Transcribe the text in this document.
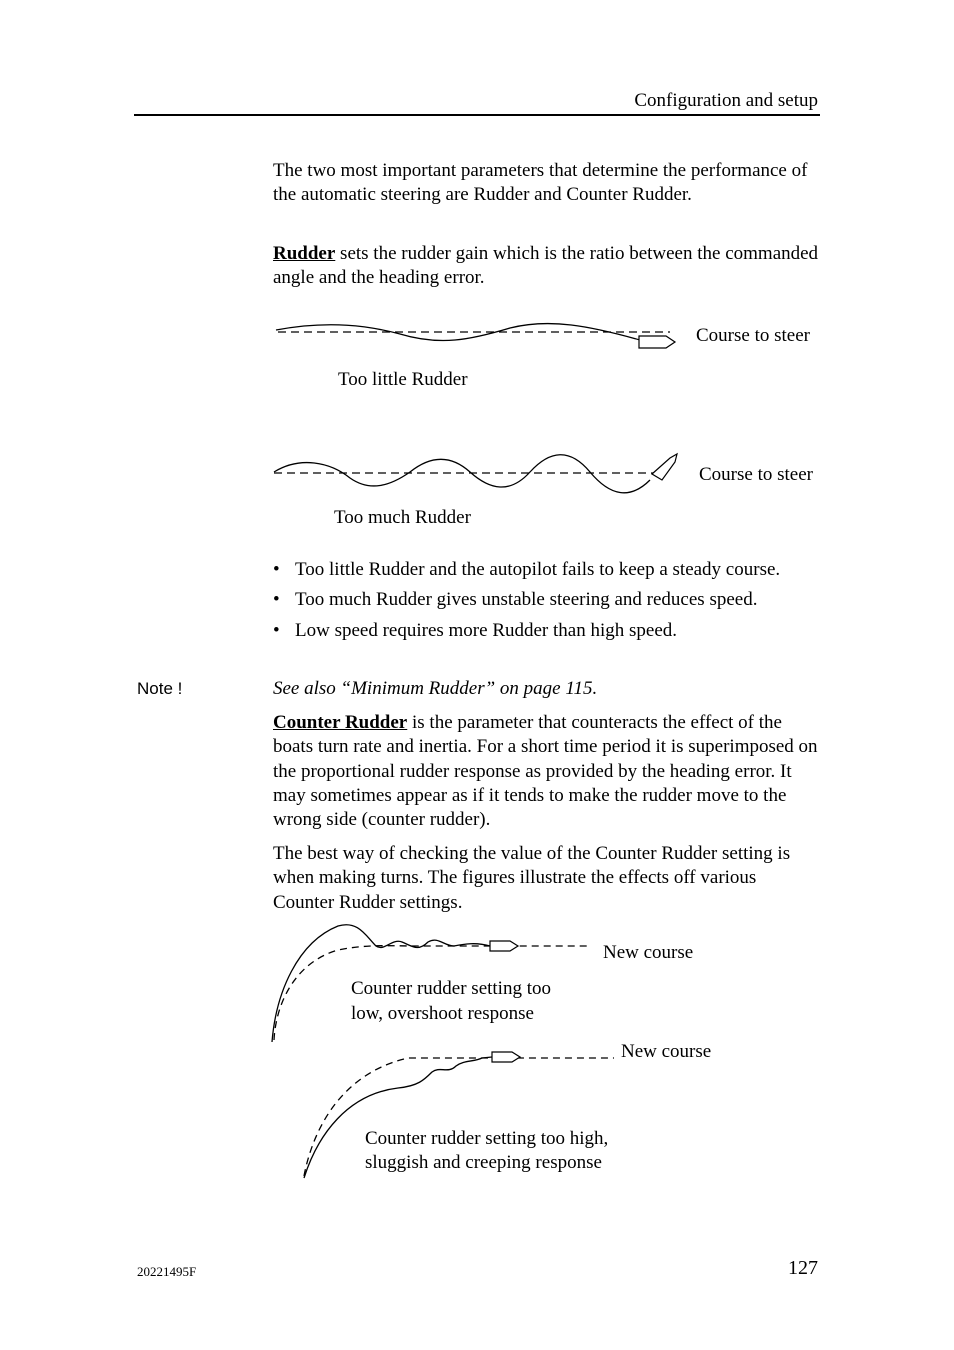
Configuration and setup

The two most important parameters that determine the performance of the automatic steering are Rudder and Counter Rudder.

Rudder sets the rudder gain which is the ratio between the commanded angle and the heading error.

Course to steer
Too little Rudder
Course to steer
Too much Rudder
• Too little Rudder and the autopilot fails to keep a steady course.
• Too much Rudder gives unstable steering and reduces speed.
• Low speed requires more Rudder than high speed.
Note !	See also “Minimum Rudder” on page 115.

Counter Rudder is the parameter that counteracts the effect of the boats turn rate and inertia. For a short time period it is superimposed on the proportional rudder response as provided by the heading error. It may sometimes appear as if it tends to make the rudder move to the wrong side (counter rudder).

The best way of checking the value of the Counter Rudder setting is when making turns. The figures illustrate the effects off various Counter Rudder settings.

New course
Counter rudder setting too
low, overshoot response
New course
Counter rudder setting too high,
sluggish and creeping response
20221495F	127
